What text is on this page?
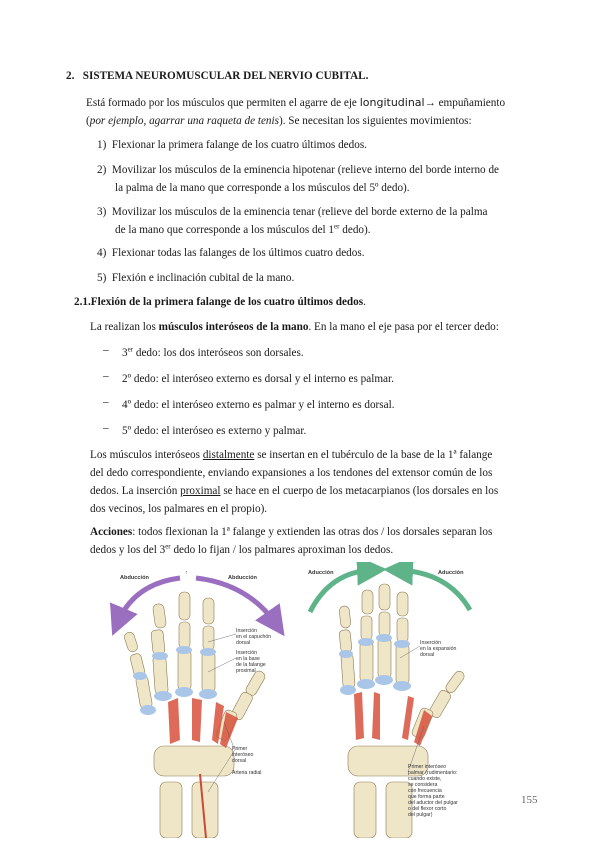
2. SISTEMA NEUROMUSCULAR DEL NERVIO CUBITAL.
Está formado por los músculos que permiten el agarre de eje longitudinal→ empuñamiento
(por ejemplo, agarrar una raqueta de tenis). Se necesitan los siguientes movimientos:
1) Flexionar la primera falange de los cuatro últimos dedos.
2) Movilizar los músculos de la eminencia hipotenar (relieve interno del borde interno de
la palma de la mano que corresponde a los músculos del 5º dedo).
3) Movilizar los músculos de la eminencia tenar (relieve del borde externo de la palma
de la mano que corresponde a los músculos del 1er dedo).
4) Flexionar todas las falanges de los últimos cuatro dedos.
5) Flexión e inclinación cubital de la mano.
2.1.Flexión de la primera falange de los cuatro últimos dedos.
La realizan los músculos interóseos de la mano. En la mano el eje pasa por el tercer dedo:
– 3er dedo: los dos interóseos son dorsales.
– 2º dedo: el interóseo externo es dorsal y el interno es palmar.
– 4º dedo: el interóseo externo es palmar y el interno es dorsal.
– 5º dedo: el interóseo es externo y palmar.
Los músculos interóseos distalmente se insertan en el tubérculo de la base de la 1ª falange
del dedo correspondiente, enviando expansiones a los tendones del extensor común de los
dedos. La inserción proximal se hace en el cuerpo de los metacarpianos (los dorsales en los
dos vecinos, los palmares en el propio).
Acciones: todos flexionan la 1ª falange y extienden las otras dos / los dorsales separan los
dedos y los del 3er dedo lo fijan / los palmares aproximan los dedos.
Abducción	Abducción
↑
Inserción en el capuchón dorsal
Inserción en la base de la falange proximal
Primer interóseo dorsal
Arteria radial
Aducción	Aducción
Inserción en la expansión dorsal
Primer interóseo palmar (rudimentario: cuando existe, se considera con frecuencia que forma parte del aductor del pulgar o del flexor corto del pulgar)
155
